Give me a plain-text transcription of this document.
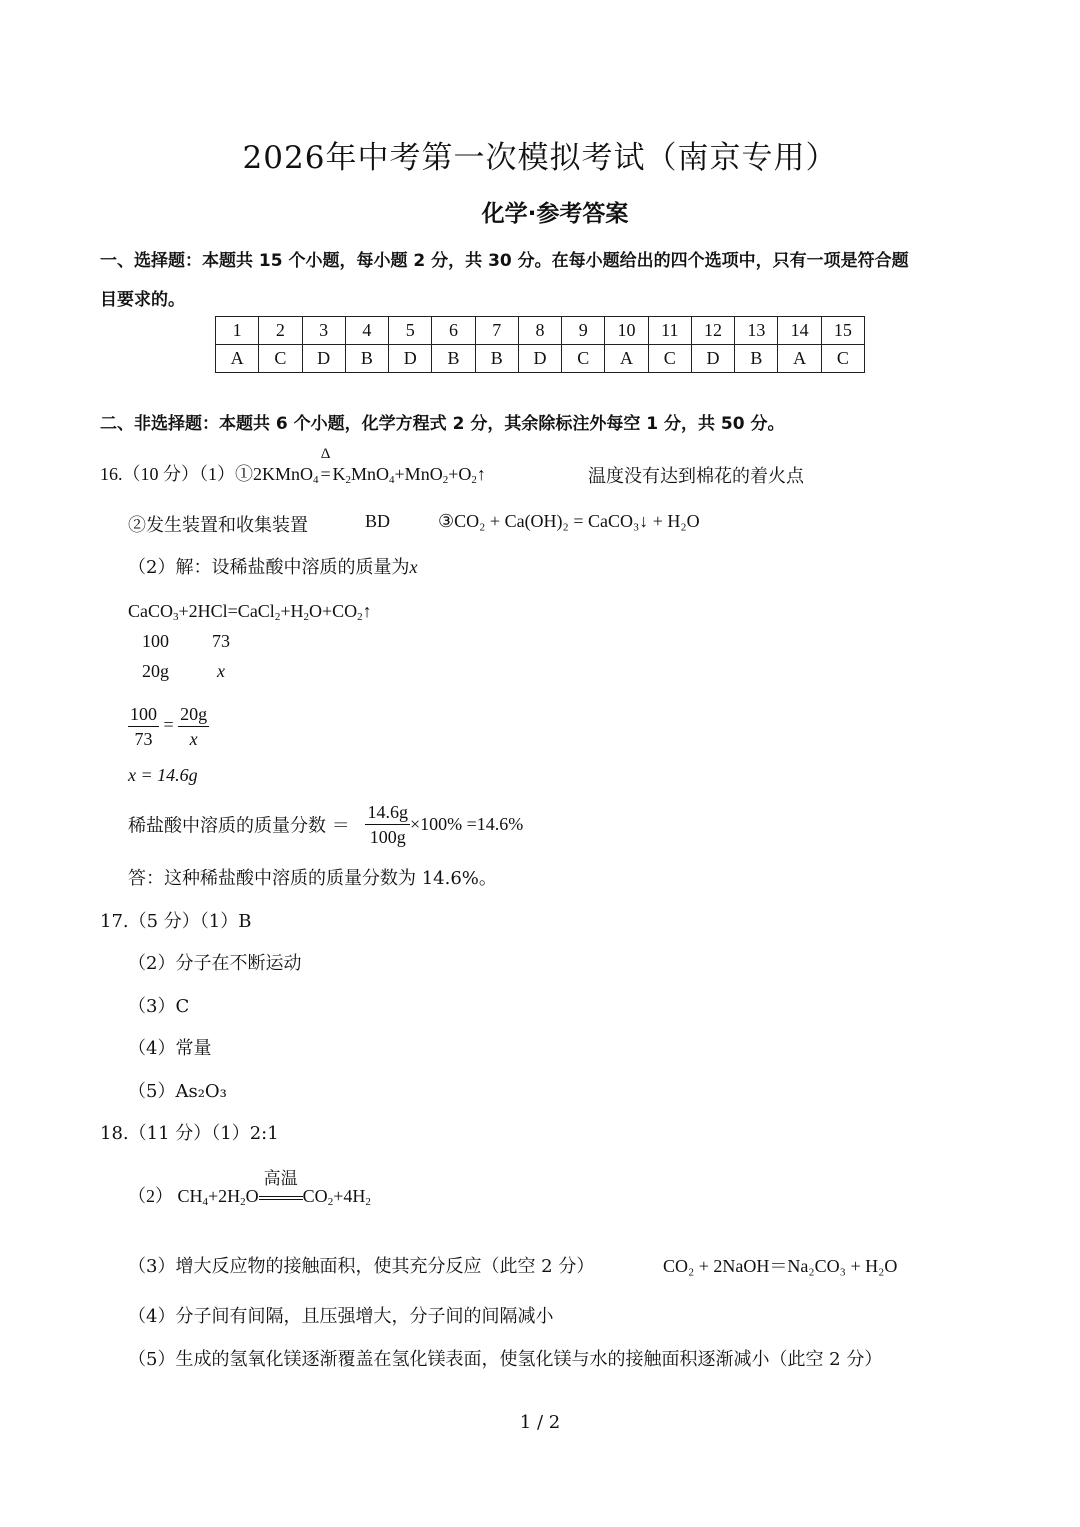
2026年中考第一次模拟考试（南京专用）
化学·参考答案
一、选择题：本题共 15 个小题，每小题 2 分，共 30 分。在每小题给出的四个选项中，只有一项是符合题
目要求的。
1	2	3	4	5	6	7	8	9	10	11	12	13	14	15
A	C	D	B	D	B	B	D	C	A	C	D	B	A	C
二、非选择题：本题共 6 个小题，化学方程式 2 分，其余除标注外每空 1 分，共 50 分。
16.（10 分）（1）①2KMnO$_4$
Δ
= $K_2MnO_4+MnO_2+O_2↑$	温度没有达到棉花的着火点
②发生装置和收集装置	BD	③CO₂ + Ca(OH)₂ = CaCO₃↓ + H₂O
（2）解：设稀盐酸中溶质的质量为x
$CaCO_3+2HCl=CaCl_2+H_2O+CO_2↑$
100 73
20g	x
$\frac{100}{73} = \frac{20g}{x}$
x = 14.6g
稀盐酸中溶质的质量分数 ＝ $\frac{14.6g}{100g} \times 100\% =14.6\%$
答：这种稀盐酸中溶质的质量分数为 14.6%。
17.（5 分）（1）B
（2）分子在不断运动
（3）C
（4）常量
（5）As₂O₃
18.（11 分）（1）2:1
（2） $CH_4+2H_2O$
高温
$CO_2+4H_2$
（3）增大反应物的接触面积，使其充分反应（此空 2 分）	CO₂ + 2NaOH＝Na₂CO₃ + H₂O
（4）分子间有间隔，且压强增大，分子间的间隔减小
（5）生成的氢氧化镁逐渐覆盖在氢化镁表面，使氢化镁与水的接触面积逐渐减小（此空 2 分）
1 / 2
